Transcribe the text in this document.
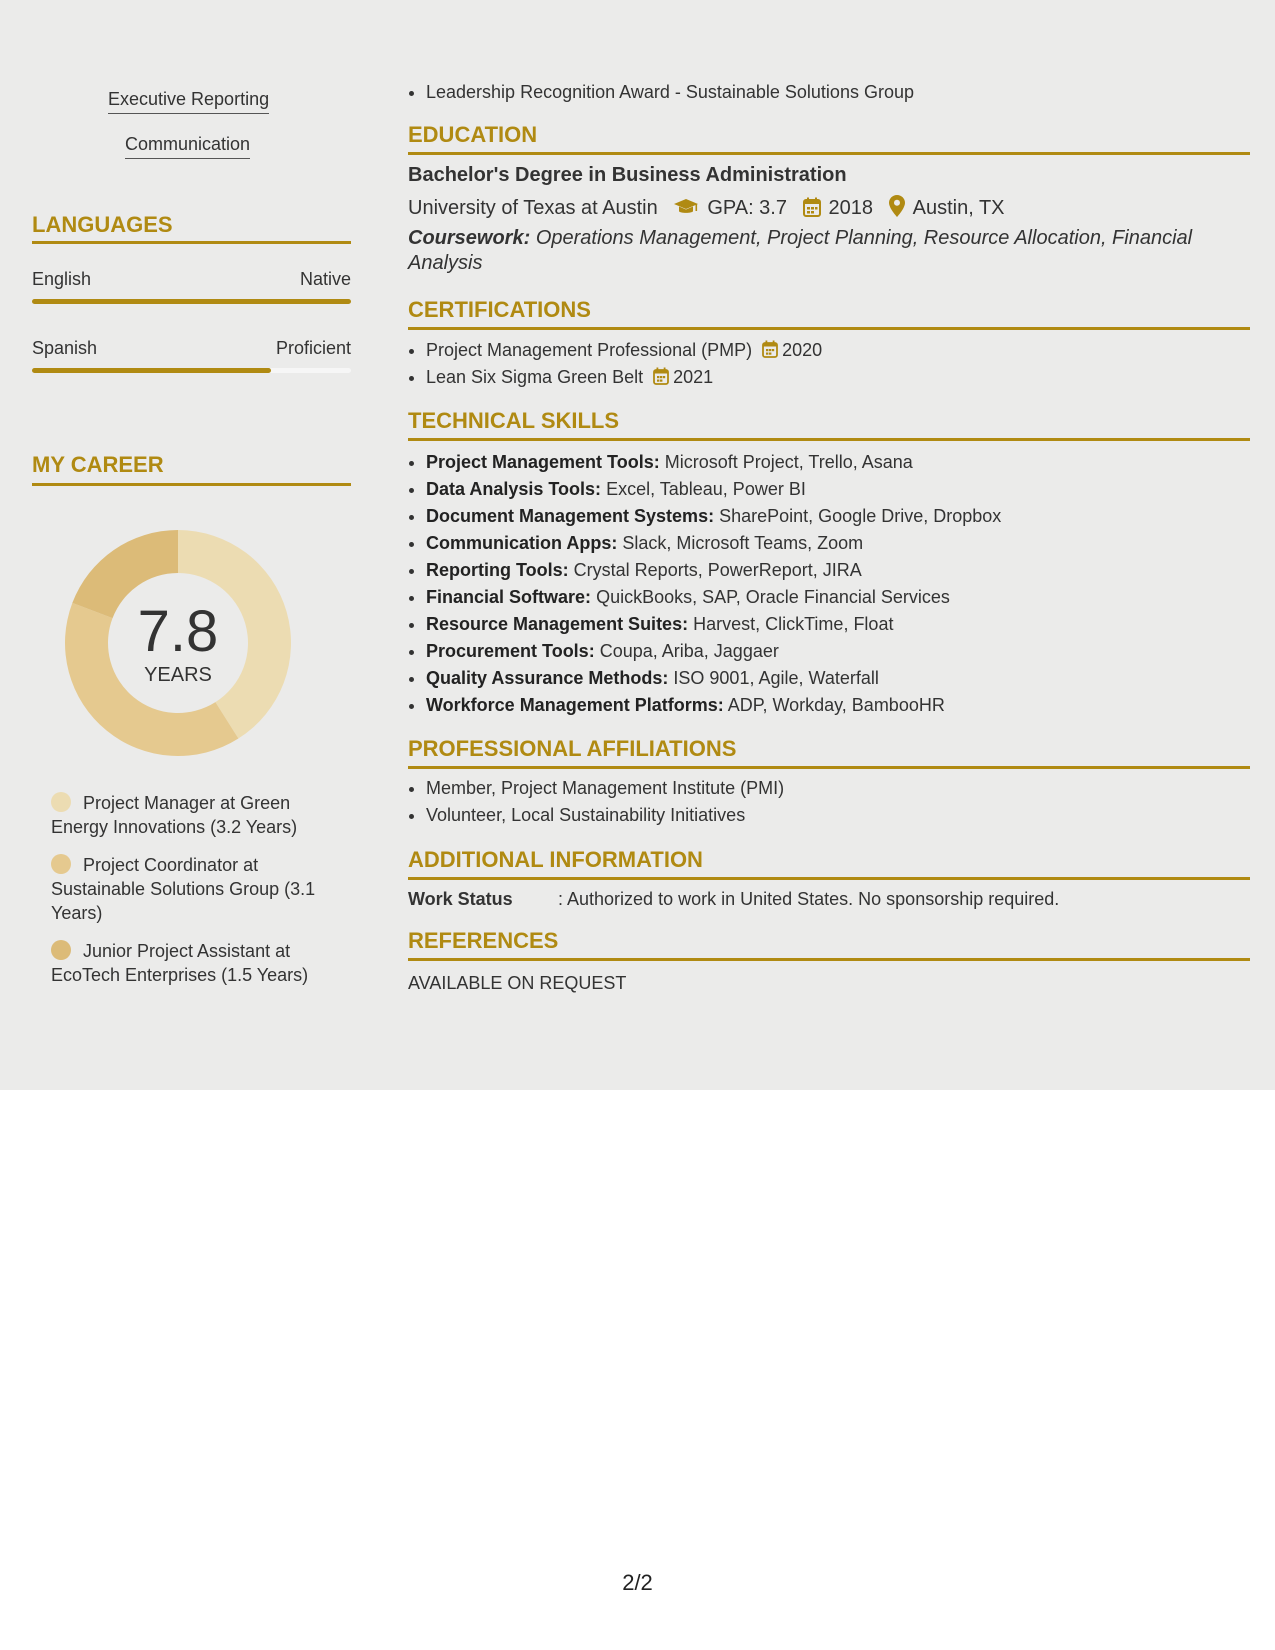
Executive Reporting
Communication
LANGUAGES
English	Native
Spanish	Proficient
MY CAREER
7.8
YEARS
Project Manager at Green Energy Innovations (3.2 Years)
Project Coordinator at Sustainable Solutions Group (3.1 Years)
Junior Project Assistant at EcoTech Enterprises (1.5 Years)
• Leadership Recognition Award - Sustainable Solutions Group
EDUCATION
Bachelor's Degree in Business Administration
University of Texas at Austin GPA: 3.7 2018 Austin, TX
Coursework: Operations Management, Project Planning, Resource Allocation, Financial Analysis
CERTIFICATIONS
• Project Management Professional (PMP) 2020
• Lean Six Sigma Green Belt 2021
TECHNICAL SKILLS
• Project Management Tools: Microsoft Project, Trello, Asana
• Data Analysis Tools: Excel, Tableau, Power BI
• Document Management Systems: SharePoint, Google Drive, Dropbox
• Communication Apps: Slack, Microsoft Teams, Zoom
• Reporting Tools: Crystal Reports, PowerReport, JIRA
• Financial Software: QuickBooks, SAP, Oracle Financial Services
• Resource Management Suites: Harvest, ClickTime, Float
• Procurement Tools: Coupa, Ariba, Jaggaer
• Quality Assurance Methods: ISO 9001, Agile, Waterfall
• Workforce Management Platforms: ADP, Workday, BambooHR
PROFESSIONAL AFFILIATIONS
• Member, Project Management Institute (PMI)
• Volunteer, Local Sustainability Initiatives
ADDITIONAL INFORMATION
Work Status	: Authorized to work in United States. No sponsorship required.
REFERENCES
AVAILABLE ON REQUEST
2/2
